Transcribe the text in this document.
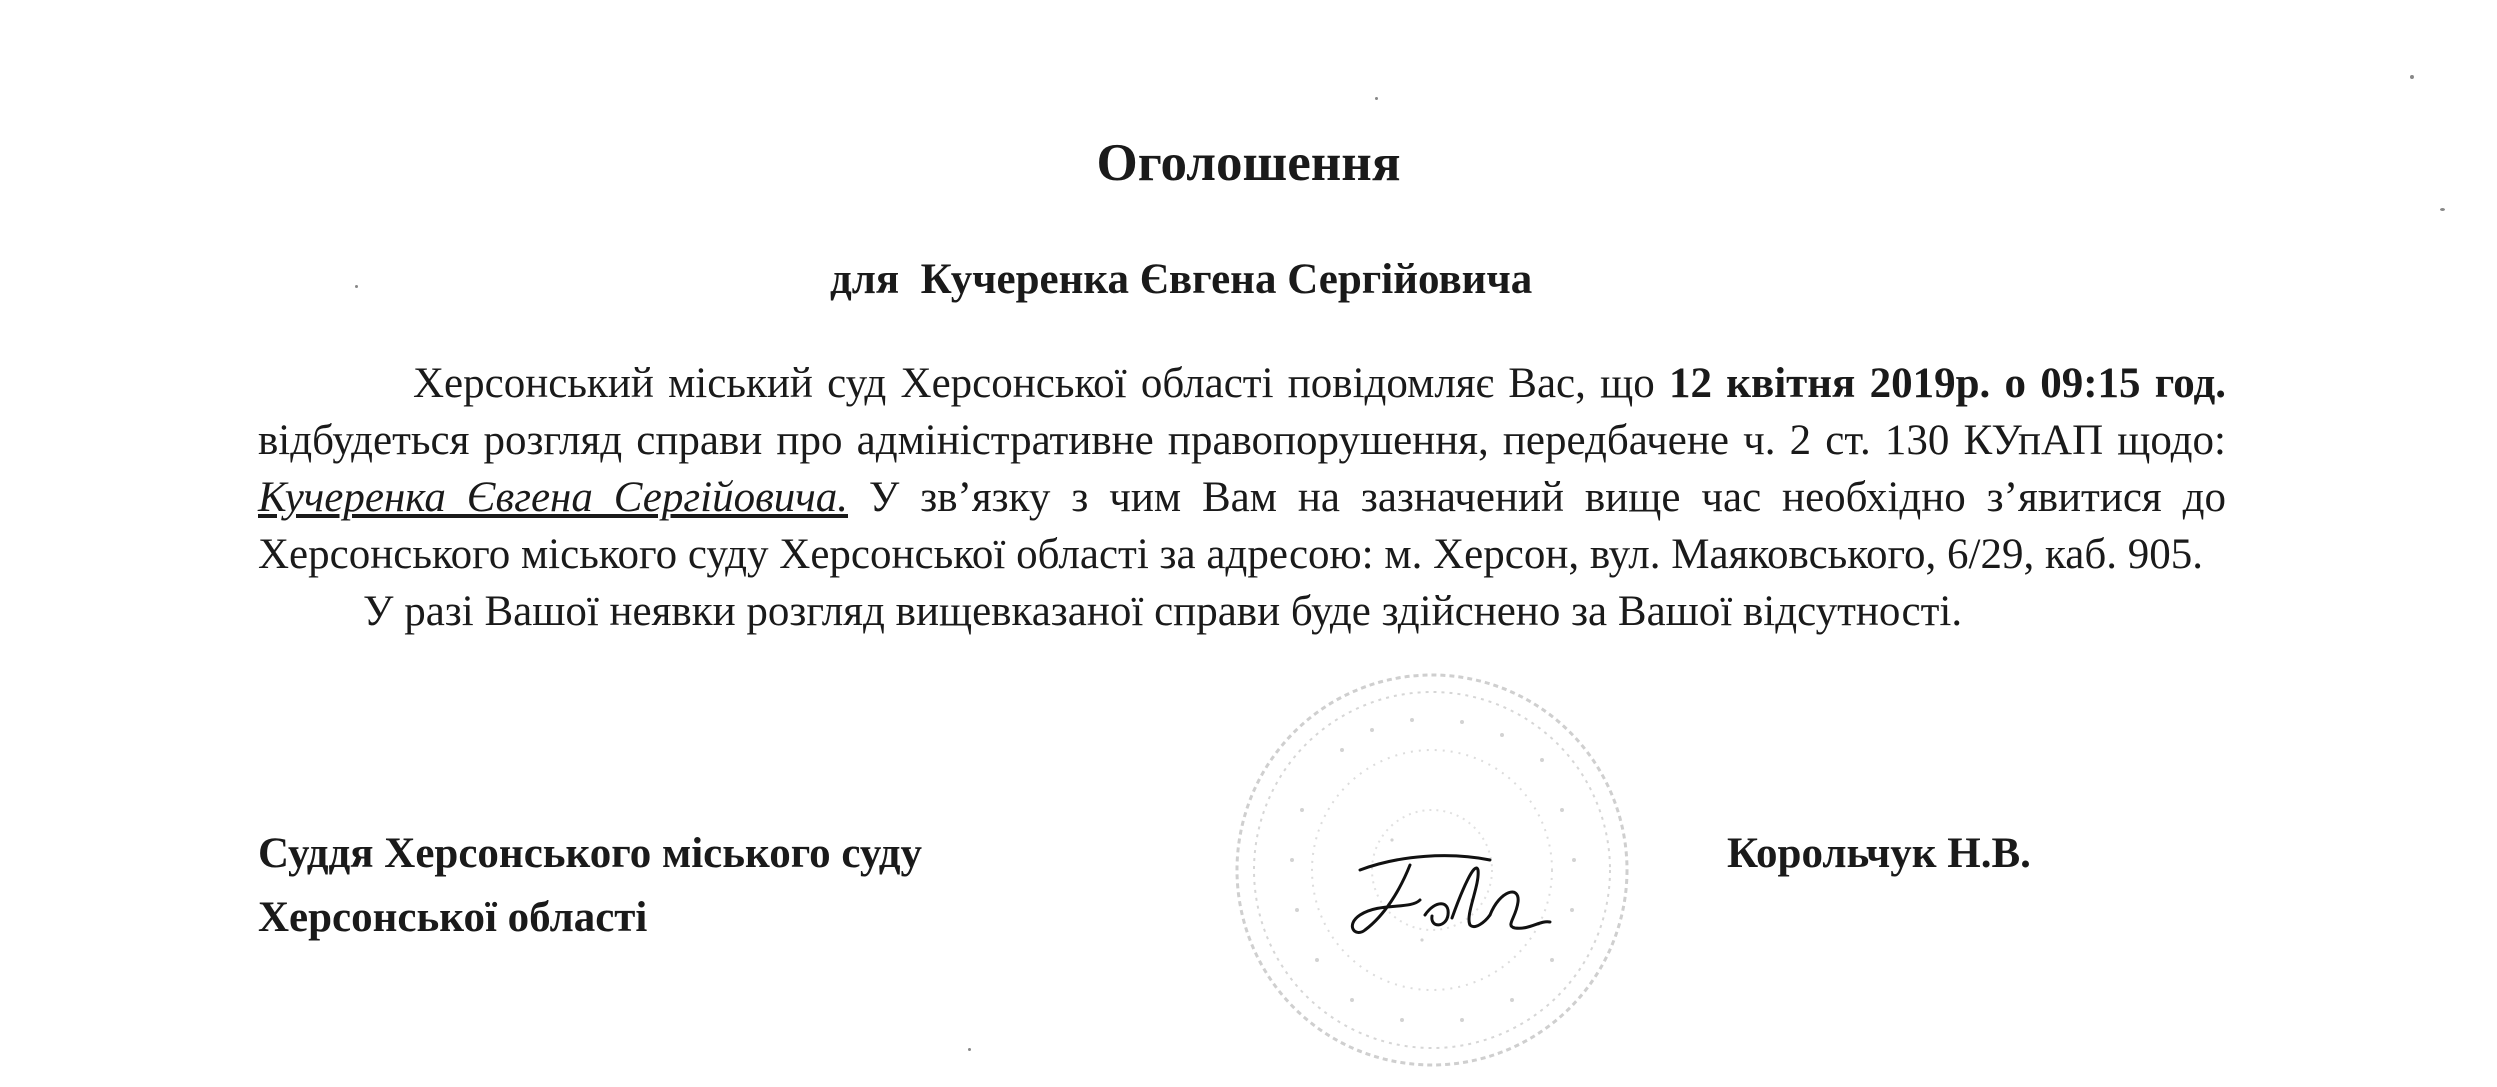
Оголошення
для  Кучеренка Євгена Сергійовича

Херсонський міський суд Херсонської області повідомляє Вас, що 12 квітня 2019р. о 09:15 год. відбудеться розгляд справи про адміністративне правопорушення, передбачене ч. 2 ст. 130 КУпАП щодо: Кучеренка Євгена Сергійовича. У зв’язку з чим Вам на зазначений вище час необхідно з’явитися до Херсонського міського суду Херсонської області за адресою: м. Херсон, вул. Маяковського, 6/29, каб. 905.

У разі Вашої неявки розгляд вищевказаної справи буде здійснено за Вашої відсутності.

Суддя Херсонського міського суду
Херсонської області
Корольчук Н.В.
